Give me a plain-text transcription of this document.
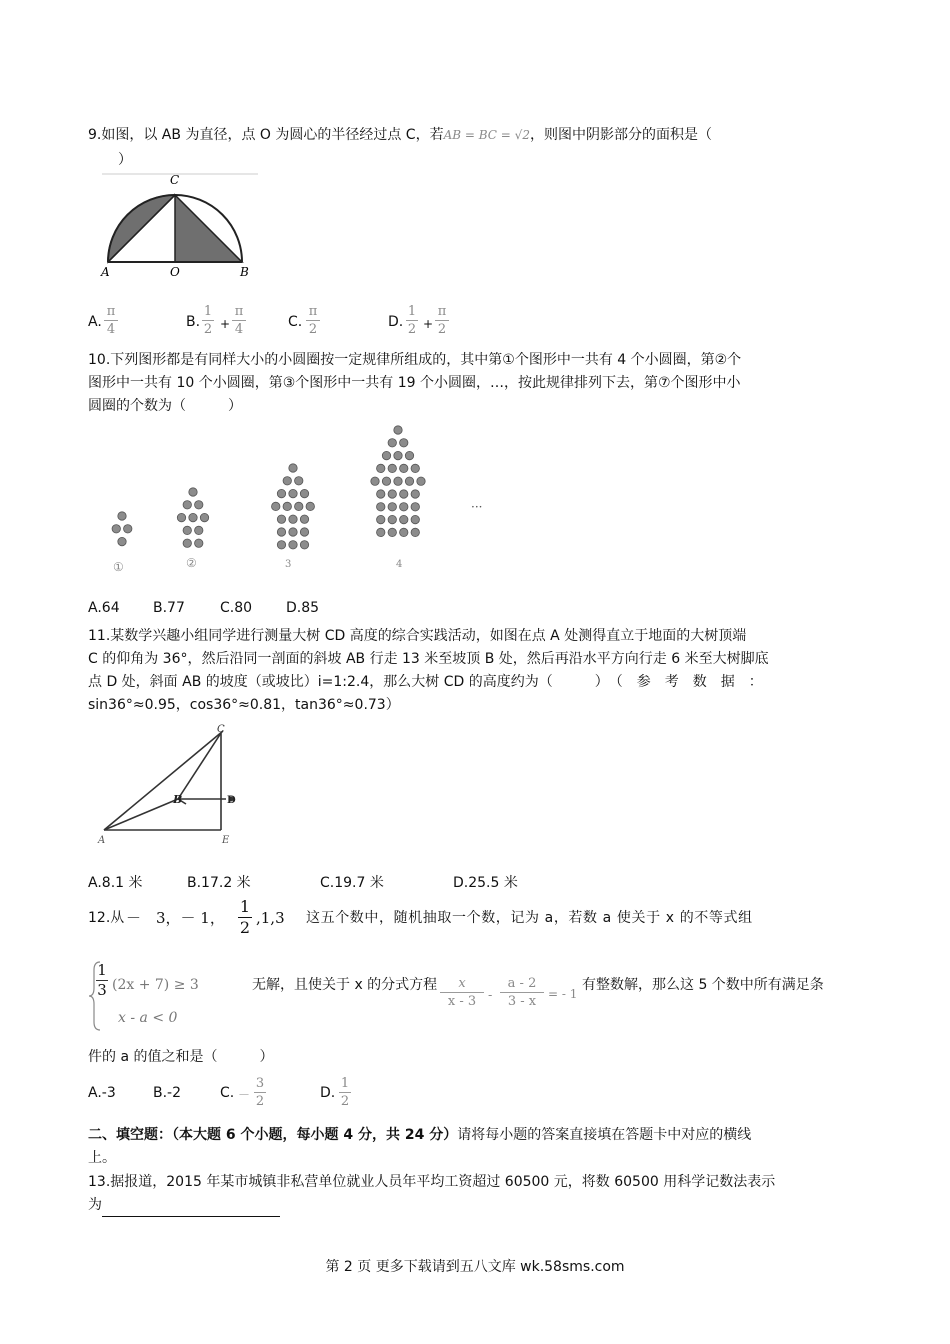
9.如图，以 AB 为直径，点 O 为圆心的半径经过点 C，若AB = BC = √2，则图中阴影部分的面积是（
）
C
A	O	B
A.
π
4	B.
1
2 +
π
4	C.
π
2	D.
1
2 +
π
2
10.下列图形都是有同样大小的小圆圈按一定规律所组成的，其中第①个图形中一共有 4 个小圆圈，第②个
图形中一共有 10 个小圆圈，第③个图形中一共有 19 个小圆圈，…，按此规律排列下去，第⑦个图形中小
圆圈的个数为（　　　）
①	②	3	4
···
A.64 B.77	C.80 D.85
11.某数学兴趣小组同学进行测量大树 CD 高度的综合实践活动，如图在点 A 处测得直立于地面的大树顶端
C 的仰角为 36°，然后沿同一剖面的斜坡 AB 行走 13 米至坡顶 B 处，然后再沿水平方向行走 6 米至大树脚底
点 D 处，斜面 AB 的坡度（或坡比）i=1:2.4，那么大树 CD 的高度约为（　　　）　（　参　考　数　据　：
sin36°≈0.95，cos36°≈0.81，tan36°≈0.73）
C
B	D
A	E
A.8.1 米	B.17.2 米	C.19.7 米	D.25.5 米
12.从 －　3，－ 1，
1
2 ,1,3 这五个数中，随机抽取一个数，记为 a，若数 a 使关于 x 的不等式组
1
3 (2x + 7) ≥ 3	无解，且使关于 x 的分式方程
x - a < 0
x
x - 3 -
a - 2
3 - x = - 1
有整数解，那么这 5 个数中所有满足条
件的 a 的值之和是（　　　）
A.-3	B.-2	C. －
3
2
D.
1
2
二、填空题：（本大题 6 个小题，每小题 4 分，共 24 分）请将每小题的答案直接填在答题卡中对应的横线
上。
13.据报道，2015 年某市城镇非私营单位就业人员年平均工资超过 60500 元，将数 60500 用科学记数法表示
为
第 2 页 更多下载请到五八文库 wk.58sms.com
